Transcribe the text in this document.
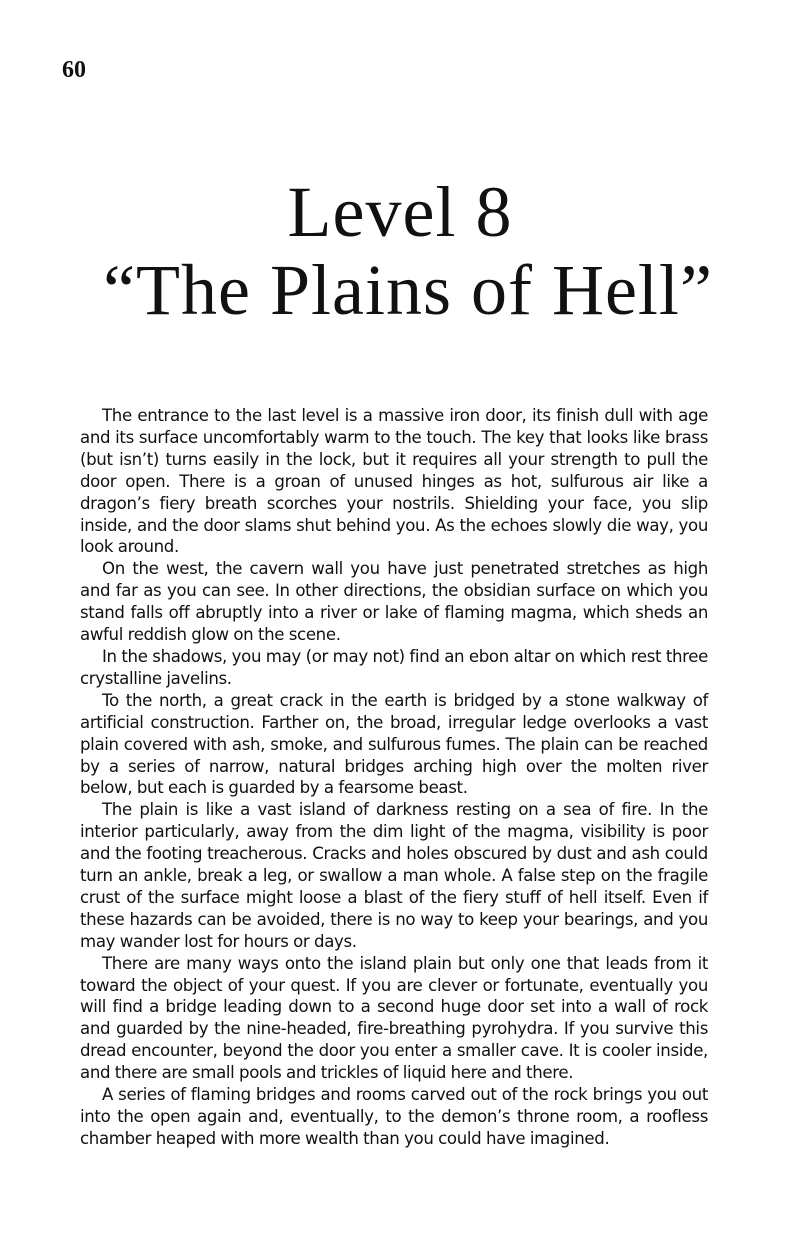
60
Level 8
“The Plains of Hell”

The entrance to the last level is a massive iron door, its finish dull with age and its surface uncomfortably warm to the touch. The key that looks like brass (but isn’t) turns easily in the lock, but it requires all your strength to pull the door open. There is a groan of unused hinges as hot, sulfurous air like a dragon’s fiery breath scorches your nostrils. Shielding your face, you slip inside, and the door slams shut behind you. As the echoes slowly die way, you look around.

On the west, the cavern wall you have just penetrated stretches as high and far as you can see. In other directions, the obsidian surface on which you stand falls off abruptly into a river or lake of flaming magma, which sheds an awful reddish glow on the scene.

In the shadows, you may (or may not) find an ebon altar on which rest three crystalline javelins.

To the north, a great crack in the earth is bridged by a stone walkway of artificial construction. Farther on, the broad, irregular ledge overlooks a vast plain covered with ash, smoke, and sulfurous fumes. The plain can be reached by a series of narrow, natural bridges arching high over the molten river below, but each is guarded by a fearsome beast.

The plain is like a vast island of darkness resting on a sea of fire. In the interior particularly, away from the dim light of the magma, visibility is poor and the footing treacherous. Cracks and holes obscured by dust and ash could turn an ankle, break a leg, or swallow a man whole. A false step on the fragile crust of the surface might loose a blast of the fiery stuff of hell itself. Even if these hazards can be avoided, there is no way to keep your bearings, and you may wander lost for hours or days.

There are many ways onto the island plain but only one that leads from it toward the object of your quest. If you are clever or fortunate, eventually you will find a bridge leading down to a second huge door set into a wall of rock and guarded by the nine-headed, fire-breathing pyrohydra. If you survive this dread encounter, beyond the door you enter a smaller cave. It is cooler inside, and there are small pools and trickles of liquid here and there.

A series of flaming bridges and rooms carved out of the rock brings you out into the open again and, eventually, to the demon’s throne room, a roofless chamber heaped with more wealth than you could have imagined.
